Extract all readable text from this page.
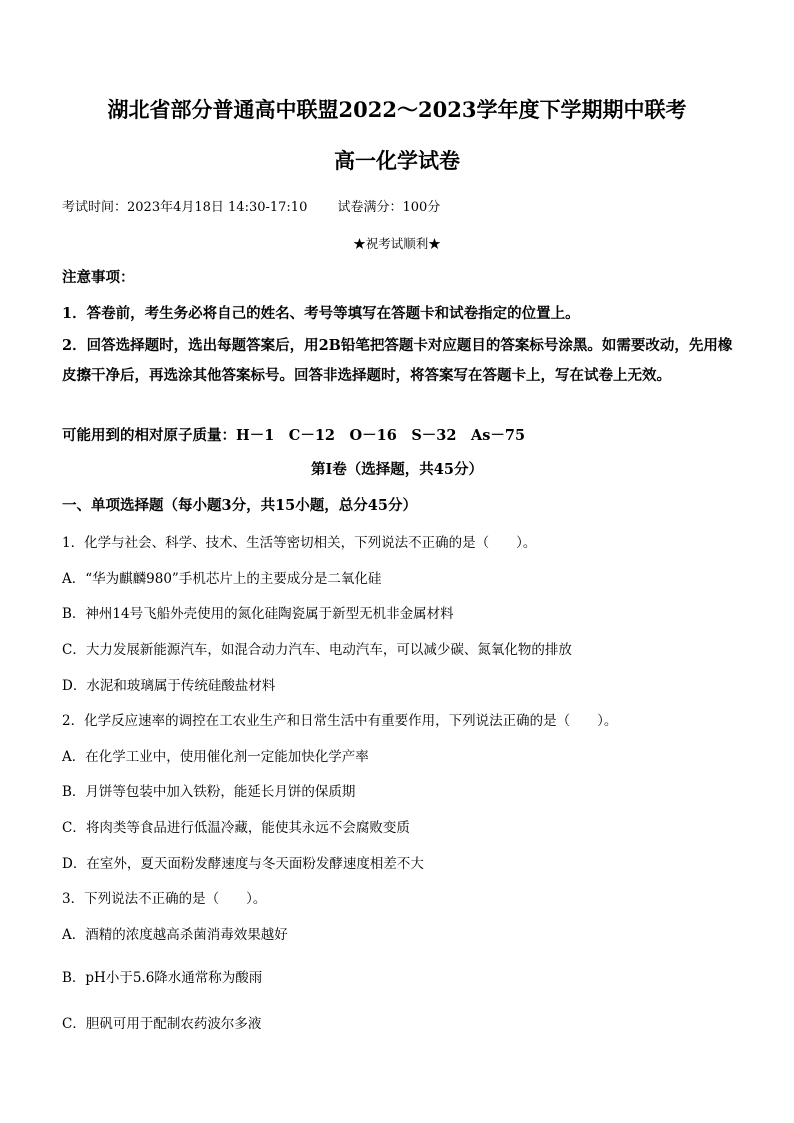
湖北省部分普通高中联盟2022～2023学年度下学期期中联考
高一化学试卷
考试时间：2023年4月18日 14:30-17:10　　 试卷满分：100分
★祝考试顺利★
注意事项：
1．答卷前，考生务必将自己的姓名、考号等填写在答题卡和试卷指定的位置上。
2．回答选择题时，选出每题答案后，用2B铅笔把答题卡对应题目的答案标号涂黑。如需要改动，先用橡皮擦干净后，再选涂其他答案标号。回答非选择题时，将答案写在答题卡上，写在试卷上无效。
可能用到的相对原子质量：H－1　C－12　O－16　S－32　As－75
第Ⅰ卷（选择题，共45分）
一、单项选择题（每小题3分，共15小题，总分45分）
1．化学与社会、科学、技术、生活等密切相关，下列说法不正确的是（　　）。
A．“华为麒麟980”手机芯片上的主要成分是二氧化硅
B．神州14号飞船外壳使用的氮化硅陶瓷属于新型无机非金属材料
C．大力发展新能源汽车，如混合动力汽车、电动汽车，可以减少碳、氮氧化物的排放
D．水泥和玻璃属于传统硅酸盐材料
2．化学反应速率的调控在工农业生产和日常生活中有重要作用，下列说法正确的是（　　）。
A．在化学工业中，使用催化剂一定能加快化学产率
B．月饼等包装中加入铁粉，能延长月饼的保质期
C．将肉类等食品进行低温冷藏，能使其永远不会腐败变质
D．在室外，夏天面粉发酵速度与冬天面粉发酵速度相差不大
3．下列说法不正确的是（　　）。
A．酒精的浓度越高杀菌消毒效果越好
B．pH小于5.6降水通常称为酸雨
C．胆矾可用于配制农药波尔多液
